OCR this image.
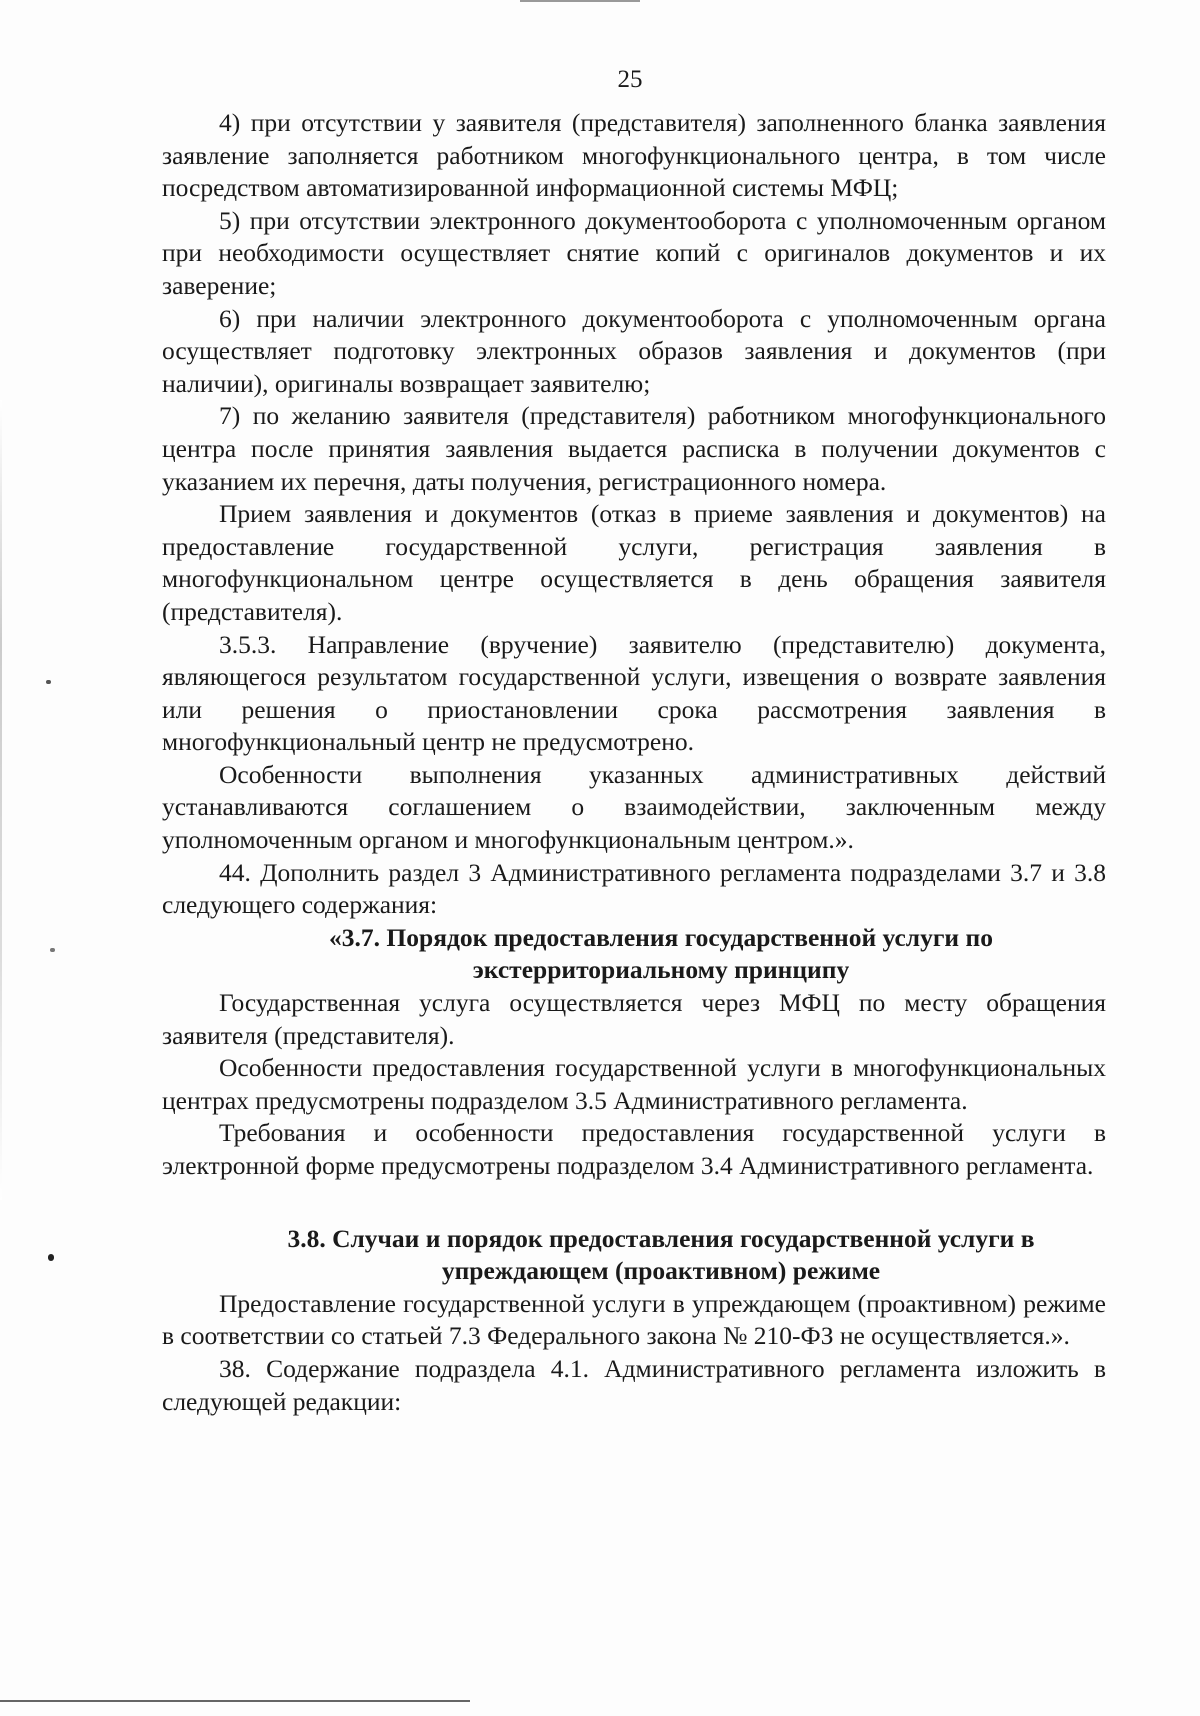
25

4) при отсутствии у заявителя (представителя) заполненного бланка заявления заявление заполняется работником многофункционального центра, в том числе посредством автоматизированной информационной системы МФЦ;

5) при отсутствии электронного документооборота с уполномоченным органом при необходимости осуществляет снятие копий с оригиналов документов и их заверение;

6) при наличии электронного документооборота с уполномоченным органа осуществляет подготовку электронных образов заявления и документов (при наличии), оригиналы возвращает заявителю;

7) по желанию заявителя (представителя) работником многофункционального центра после принятия заявления выдается расписка в получении документов с указанием их перечня, даты получения, регистрационного номера.

Прием заявления и документов (отказ в приеме заявления и документов) на предоставление государственной услуги, регистрация заявления в многофункциональном центре осуществляется в день обращения заявителя (представителя).

3.5.3. Направление (вручение) заявителю (представителю) документа, являющегося результатом государственной услуги, извещения о возврате заявления или решения о приостановлении срока рассмотрения заявления в многофункциональный центр не предусмотрено.

Особенности выполнения указанных административных действий устанавливаются соглашением о взаимодействии, заключенным между уполномоченным органом и многофункциональным центром.».

44. Дополнить раздел 3 Административного регламента подразделами 3.7 и 3.8 следующего содержания:

«3.7. Порядок предоставления государственной услуги по
экстерриториальному принципу

Государственная услуга осуществляется через МФЦ по месту обращения заявителя (представителя).

Особенности предоставления государственной услуги в многофункциональных центрах предусмотрены подразделом 3.5 Административного регламента.

Требования и особенности предоставления государственной услуги в электронной форме предусмотрены подразделом 3.4 Административного регламента.

3.8. Случаи и порядок предоставления государственной услуги в
упреждающем (проактивном) режиме

Предоставление государственной услуги в упреждающем (проактивном) режиме в соответствии со статьей 7.3 Федерального закона № 210-ФЗ не осуществляется.».

38. Содержание подраздела 4.1. Административного регламента изложить в следующей редакции:
